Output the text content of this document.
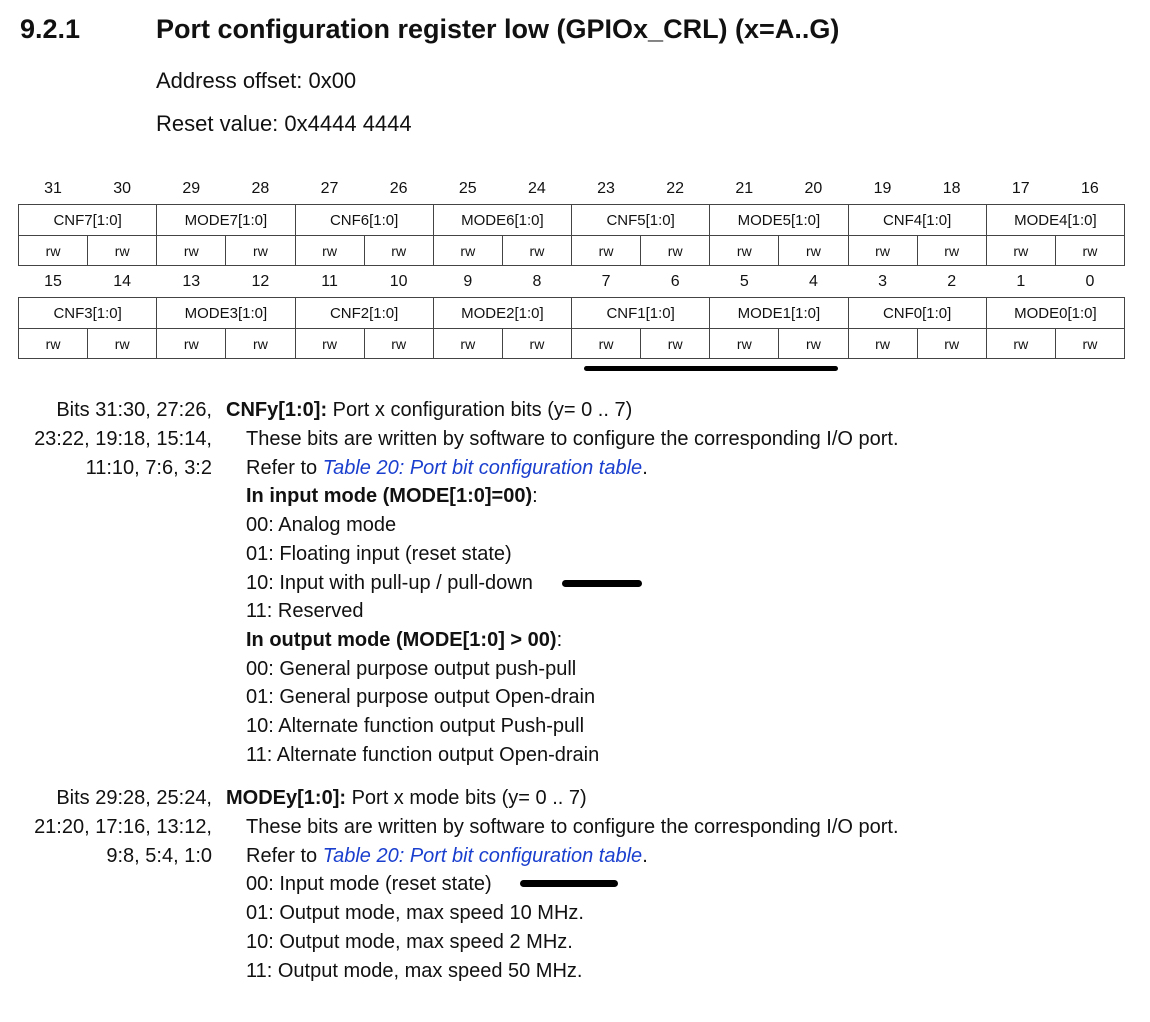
9.2.1	Port configuration register low (GPIOx_CRL) (x=A..G)
Address offset: 0x00
Reset value: 0x4444 4444
31	30	29	28	27	26	25	24	23	22	21	20	19	18	17	16
CNF7[1:0]		MODE7[1:0]		CNF6[1:0]		MODE6[1:0]		CNF5[1:0]		MODE5[1:0]		CNF4[1:0]		MODE4[1:0]	
rw	rw	rw	rw	rw	rw	rw	rw	rw	rw	rw	rw	rw	rw	rw	rw
15	14	13	12	11	10	9	8	7	6	5	4	3	2	1	0
CNF3[1:0]		MODE3[1:0]		CNF2[1:0]		MODE2[1:0]		CNF1[1:0]		MODE1[1:0]		CNF0[1:0]		MODE0[1:0]	
rw	rw	rw	rw	rw	rw	rw	rw	rw	rw	rw	rw	rw	rw	rw	rw
Bits 31:30, 27:26,
23:22, 19:18, 15:14,
11:10, 7:6, 3:2
CNFy[1:0]: Port x configuration bits (y= 0 .. 7)
These bits are written by software to configure the corresponding I/O port.
Refer to Table 20: Port bit configuration table.
In input mode (MODE[1:0]=00):
00: Analog mode
01: Floating input (reset state)
10: Input with pull-up / pull-down
11: Reserved
In output mode (MODE[1:0] > 00):
00: General purpose output push-pull
01: General purpose output Open-drain
10: Alternate function output Push-pull
11: Alternate function output Open-drain
Bits 29:28, 25:24,
21:20, 17:16, 13:12,
9:8, 5:4, 1:0
MODEy[1:0]: Port x mode bits (y= 0 .. 7)
These bits are written by software to configure the corresponding I/O port.
Refer to Table 20: Port bit configuration table.
00: Input mode (reset state)
01: Output mode, max speed 10 MHz.
10: Output mode, max speed 2 MHz.
11: Output mode, max speed 50 MHz.
